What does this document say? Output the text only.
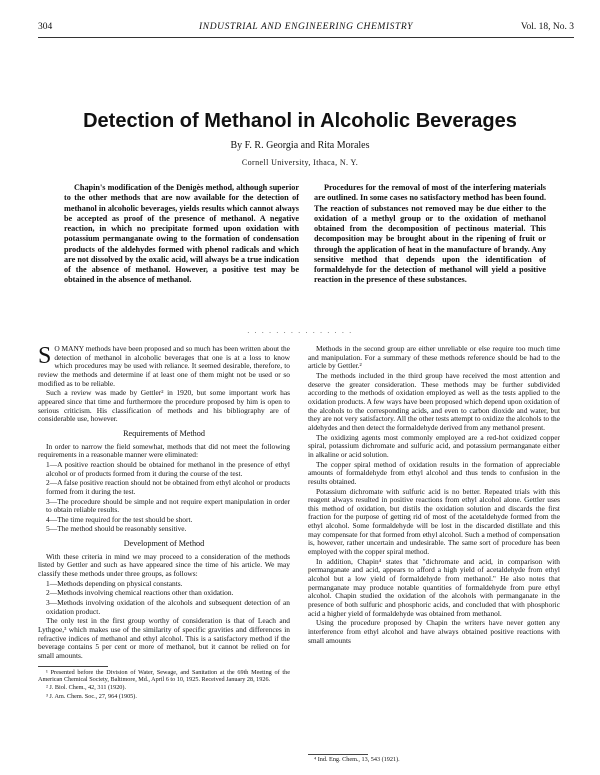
304	INDUSTRIAL AND ENGINEERING CHEMISTRY	Vol. 18, No. 3
Detection of Methanol in Alcoholic Beverages
By F. R. Georgia and Rita Morales
Cornell University, Ithaca, N. Y.

Chapin's modification of the Denigès method, although superior to the other methods that are now available for the detection of methanol in alcoholic beverages, yields results which cannot always be accepted as proof of the presence of methanol. A negative reaction, in which no precipitate formed upon oxidation with potassium permanganate owing to the formation of condensation products of the aldehydes formed with phenol radicals and which are not dissolved by the oxalic acid, will always be a true indication of the absence of methanol. However, a positive test may be obtained in the absence of methanol.

Procedures for the removal of most of the interfering materials are outlined. In some cases no satisfactory method has been found. The reaction of substances not removed may be due either to the oxidation of a methyl group or to the oxidation of methanol obtained from the decomposition of pectinous material. This decomposition may be brought about in the ripening of fruit or through the application of heat in the manufacture of brandy. Any sensitive method that depends upon the identification of formaldehyde for the detection of methanol will yield a positive reaction in the presence of these substances.

· · · · · · · · · · · · · · ·

S O MANY methods have been proposed and so much has been written about the detection of methanol in alcoholic beverages that one is at a loss to know which procedures may be used with reliance. It seemed desirable, therefore, to review the methods and determine if at least one of them might not be used or so modified as to be reliable.

Such a review was made by Gettler² in 1920, but some important work has appeared since that time and furthermore the procedure proposed by him is open to serious criticism. His classification of methods and his bibliography are of considerable use, however.

Requirements of Method

In order to narrow the field somewhat, methods that did not meet the following requirements in a reasonable manner were eliminated:

1—A positive reaction should be obtained for methanol in the presence of ethyl alcohol or of products formed from it during the course of the test.

2—A false positive reaction should not be obtained from ethyl alcohol or products formed from it during the test.

3—The procedure should be simple and not require expert manipulation in order to obtain reliable results.

4—The time required for the test should be short.

5—The method should be reasonably sensitive.

Development of Method

With these criteria in mind we may proceed to a consideration of the methods listed by Gettler and such as have appeared since the time of his article. We may classify these methods under three groups, as follows:

1—Methods depending on physical constants.

2—Methods involving chemical reactions other than oxidation.

3—Methods involving oxidation of the alcohols and subsequent detection of an oxidation product.

The only test in the first group worthy of consideration is that of Leach and Lythgoe,³ which makes use of the similarity of specific gravities and differences in refractive indices of methanol and ethyl alcohol. This is a satisfactory method if the beverage contains 5 per cent or more of methanol, but it cannot be relied on for small amounts.

¹ Presented before the Division of Water, Sewage, and Sanitation at the 69th Meeting of the American Chemical Society, Baltimore, Md., April 6 to 10, 1925. Received January 28, 1926.

² J. Biol. Chem., 42, 311 (1920).

³ J. Am. Chem. Soc., 27, 964 (1905).

Methods in the second group are either unreliable or else require too much time and manipulation. For a summary of these methods reference should be had to the article by Gettler.²

The methods included in the third group have received the most attention and deserve the greater consideration. These methods may be further subdivided according to the methods of oxidation employed as well as the tests applied to the oxidation products. A few ways have been proposed which depend upon oxidation of the alcohols to the corresponding acids, and even to carbon dioxide and water, but they are not very satisfactory. All the other tests attempt to oxidize the alcohols to the aldehydes and then detect the formaldehyde derived from any methanol present.

The oxidizing agents most commonly employed are a red-hot oxidized copper spiral, potassium dichromate and sulfuric acid, and potassium permanganate either in alkaline or acid solution.

The copper spiral method of oxidation results in the formation of appreciable amounts of formaldehyde from ethyl alcohol and thus tends to confusion in the results obtained.

Potassium dichromate with sulfuric acid is no better. Repeated trials with this reagent always resulted in positive reactions from ethyl alcohol alone. Gettler uses this method of oxidation, but distils the oxidation solution and discards the first fraction for the purpose of getting rid of most of the acetaldehyde formed from the ethyl alcohol. Some formaldehyde will be lost in the discarded distillate and this may compensate for that formed from ethyl alcohol. Such a method of compensation is, however, rather uncertain and undesirable. The same sort of procedure has been employed with the copper spiral method.

In addition, Chapin⁴ states that "dichromate and acid, in comparison with permanganate and acid, appears to afford a high yield of acetaldehyde from ethyl alcohol but a low yield of formaldehyde from methanol." He also notes that permanganate may produce notable quantities of formaldehyde from pure ethyl alcohol. Chapin studied the oxidation of the alcohols with permanganate in the presence of both sulfuric and phosphoric acids, and concluded that with phosphoric acid a higher yield of formaldehyde was obtained from methanol.

Using the procedure proposed by Chapin the writers have never gotten any interference from ethyl alcohol and have always obtained positive reactions with small amounts

⁴ Ind. Eng. Chem., 13, 543 (1921).
